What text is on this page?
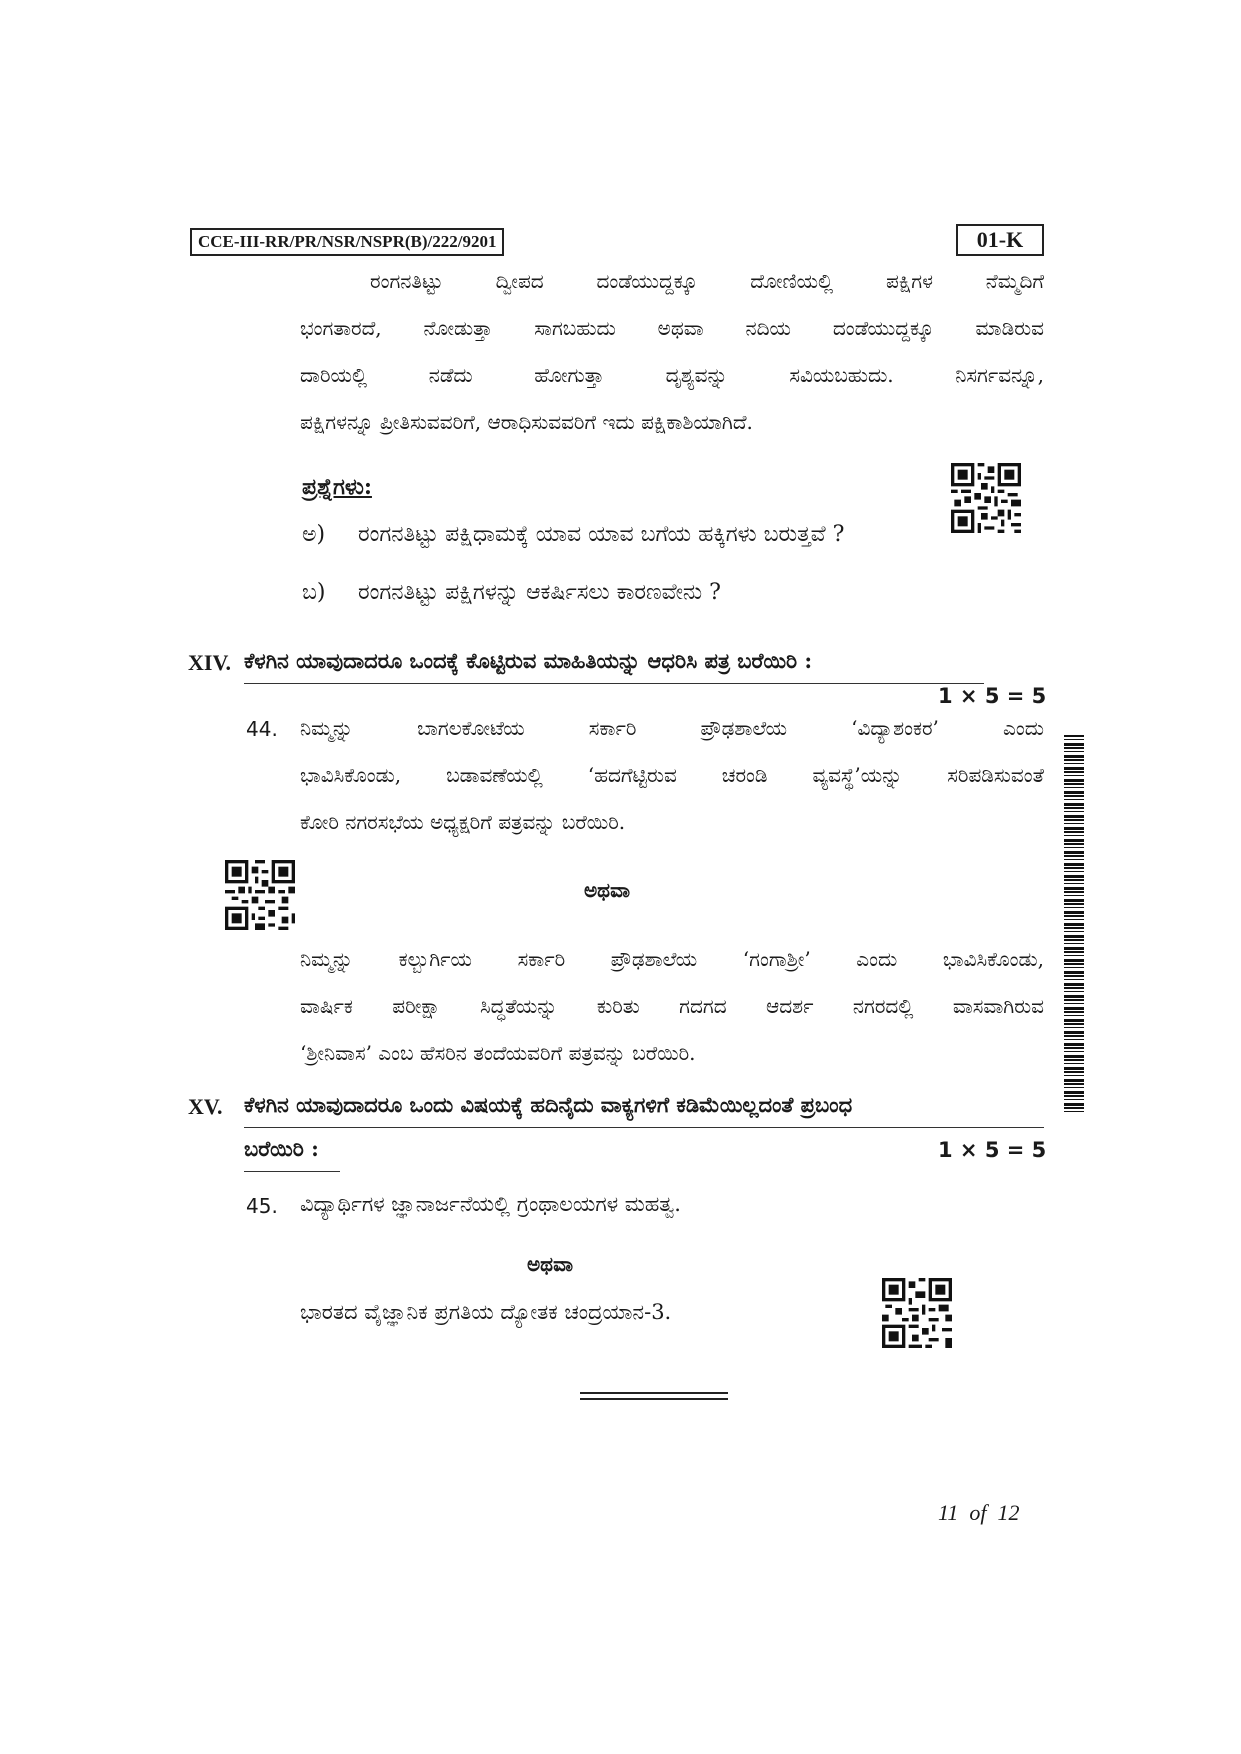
CCE-III-RR/PR/NSR/NSPR(B)/222/9201	01-K
ರಂಗನತಿಟ್ಟು ದ್ವೀಪದ ದಂಡೆಯುದ್ದಕ್ಕೂ ದೋಣಿಯಲ್ಲಿ ಪಕ್ಷಿಗಳ ನೆಮ್ಮದಿಗೆ
ಭಂಗತಾರದೆ, ನೋಡುತ್ತಾ ಸಾಗಬಹುದು ಅಥವಾ ನದಿಯ ದಂಡೆಯುದ್ದಕ್ಕೂ ಮಾಡಿರುವ
ದಾರಿಯಲ್ಲಿ ನಡೆದು ಹೋಗುತ್ತಾ ದೃಶ್ಯವನ್ನು ಸವಿಯಬಹುದು. ನಿಸರ್ಗವನ್ನೂ,
ಪಕ್ಷಿಗಳನ್ನೂ ಪ್ರೀತಿಸುವವರಿಗೆ, ಆರಾಧಿಸುವವರಿಗೆ ಇದು ಪಕ್ಷಿಕಾಶಿಯಾಗಿದೆ.
ಪ್ರಶ್ನೆಗಳು:
ಅ) ರಂಗನತಿಟ್ಟು ಪಕ್ಷಿಧಾಮಕ್ಕೆ ಯಾವ ಯಾವ ಬಗೆಯ ಹಕ್ಕಿಗಳು ಬರುತ್ತವೆ ?
ಬ) ರಂಗನತಿಟ್ಟು ಪಕ್ಷಿಗಳನ್ನು ಆಕರ್ಷಿಸಲು ಕಾರಣವೇನು ?
XIV. ಕೆಳಗಿನ ಯಾವುದಾದರೂ ಒಂದಕ್ಕೆ ಕೊಟ್ಟಿರುವ ಮಾಹಿತಿಯನ್ನು ಆಧರಿಸಿ ಪತ್ರ ಬರೆಯಿರಿ :
1 × 5 = 5
44. ನಿಮ್ಮನ್ನು ಬಾಗಲಕೋಟೆಯ ಸರ್ಕಾರಿ ಪ್ರೌಢಶಾಲೆಯ ‘ವಿದ್ಯಾಶಂಕರ’ ಎಂದು
ಭಾವಿಸಿಕೊಂಡು, ಬಡಾವಣೆಯಲ್ಲಿ ‘ಹದಗೆಟ್ಟಿರುವ ಚರಂಡಿ ವ್ಯವಸ್ಥೆ’ಯನ್ನು ಸರಿಪಡಿಸುವಂತೆ
ಕೋರಿ ನಗರಸಭೆಯ ಅಧ್ಯಕ್ಷರಿಗೆ ಪತ್ರವನ್ನು ಬರೆಯಿರಿ.
ಅಥವಾ
ನಿಮ್ಮನ್ನು ಕಲ್ಬುರ್ಗಿಯ ಸರ್ಕಾರಿ ಪ್ರೌಢಶಾಲೆಯ ‘ಗಂಗಾಶ್ರೀ’ ಎಂದು ಭಾವಿಸಿಕೊಂಡು,
ವಾರ್ಷಿಕ ಪರೀಕ್ಷಾ ಸಿದ್ಧತೆಯನ್ನು ಕುರಿತು ಗದಗದ ಆದರ್ಶ ನಗರದಲ್ಲಿ ವಾಸವಾಗಿರುವ
‘ಶ್ರೀನಿವಾಸ’ ಎಂಬ ಹೆಸರಿನ ತಂದೆಯವರಿಗೆ ಪತ್ರವನ್ನು ಬರೆಯಿರಿ.
XV. ಕೆಳಗಿನ ಯಾವುದಾದರೂ ಒಂದು ವಿಷಯಕ್ಕೆ ಹದಿನೈದು ವಾಕ್ಯಗಳಿಗೆ ಕಡಿಮೆಯಿಲ್ಲದಂತೆ ಪ್ರಬಂಧ
ಬರೆಯಿರಿ :	1 × 5 = 5
45. ವಿದ್ಯಾರ್ಥಿಗಳ ಜ್ಞಾನಾರ್ಜನೆಯಲ್ಲಿ ಗ್ರಂಥಾಲಯಗಳ ಮಹತ್ವ.
ಅಥವಾ
ಭಾರತದ ವೈಜ್ಞಾನಿಕ ಪ್ರಗತಿಯ ದ್ಯೋತಕ ಚಂದ್ರಯಾನ-3.
11  of  12
